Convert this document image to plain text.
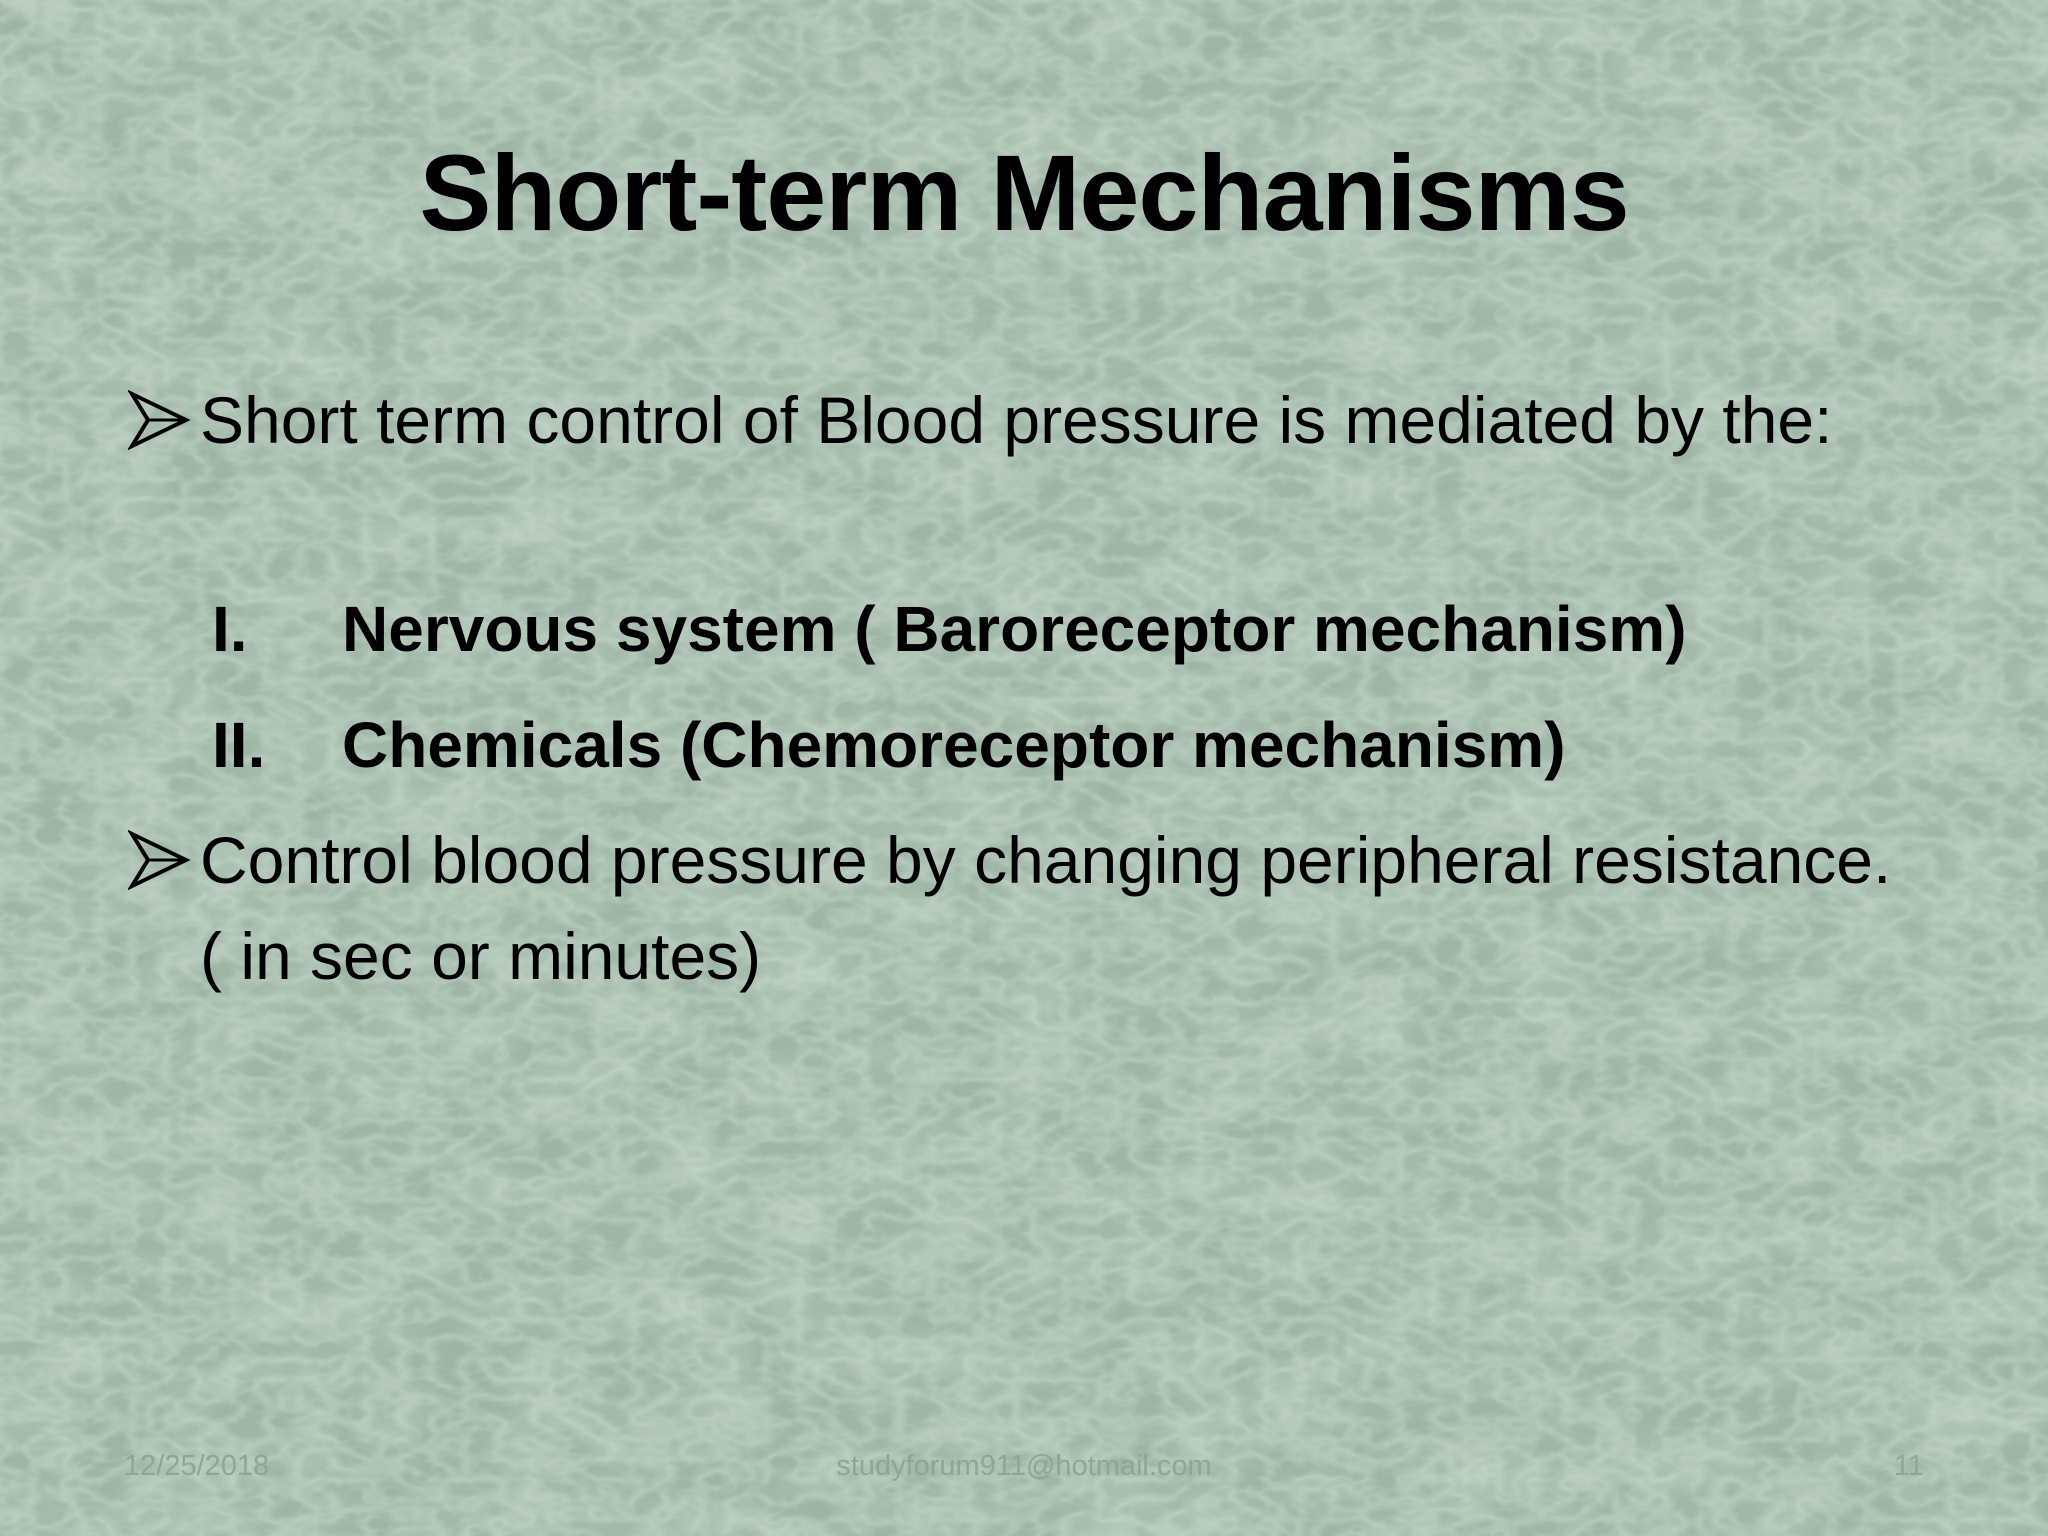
Short-term Mechanisms
Short term control of Blood pressure is mediated by the:
I.	Nervous system ( Baroreceptor mechanism)
II.	Chemicals (Chemoreceptor mechanism)
Control blood pressure by changing peripheral resistance. ( in sec or minutes)
12/25/2018	studyforum911@hotmail.com	11
